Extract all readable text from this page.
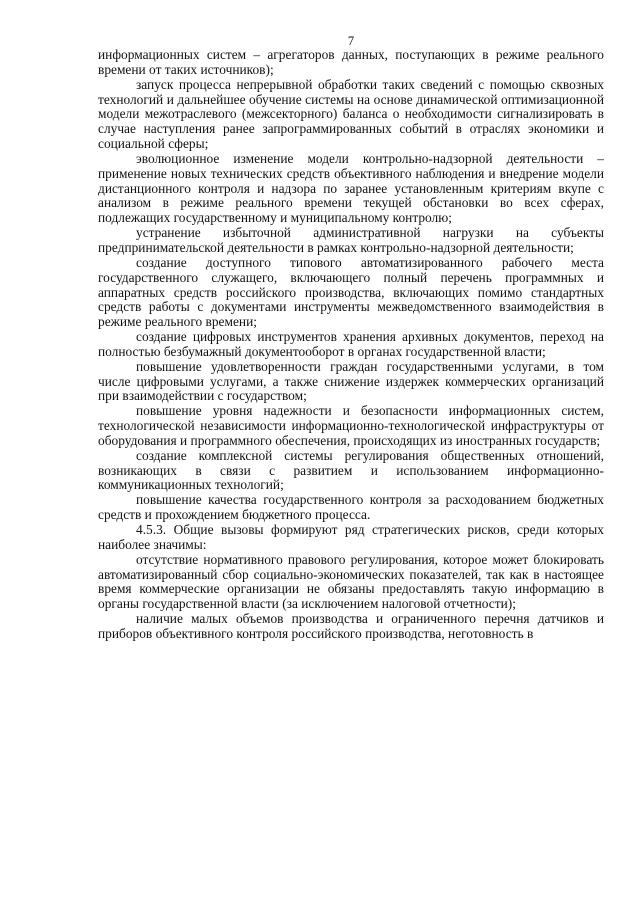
7

информационных систем – агрегаторов данных, поступающих в режиме реального времени от таких источников);

запуск процесса непрерывной обработки таких сведений с помощью сквозных технологий и дальнейшее обучение системы на основе динамической оптимизационной модели межотраслевого (межсекторного) баланса о необходимости сигнализировать в случае наступления ранее запрограммированных событий в отраслях экономики и социальной сферы;

эволюционное изменение модели контрольно-надзорной деятельности – применение новых технических средств объективного наблюдения и внедрение модели дистанционного контроля и надзора по заранее установленным критериям вкупе с анализом в режиме реального времени текущей обстановки во всех сферах, подлежащих государственному и муниципальному контролю;

устранение избыточной административной нагрузки на субъекты предпринимательской деятельности в рамках контрольно-надзорной деятельности;

создание доступного типового автоматизированного рабочего места государственного служащего, включающего полный перечень программных и аппаратных средств российского производства, включающих помимо стандартных средств работы с документами инструменты межведомственного взаимодействия в режиме реального времени;

создание цифровых инструментов хранения архивных документов, переход на полностью безбумажный документооборот в органах государственной власти;

повышение удовлетворенности граждан государственными услугами, в том числе цифровыми услугами, а также снижение издержек коммерческих организаций при взаимодействии с государством;

повышение уровня надежности и безопасности информационных систем, технологической независимости информационно-технологической инфраструктуры от оборудования и программного обеспечения, происходящих из иностранных государств;

создание комплексной системы регулирования общественных отношений, возникающих в связи с развитием и использованием информационно-коммуникационных технологий;

повышение качества государственного контроля за расходованием бюджетных средств и прохождением бюджетного процесса.

4.5.3. Общие вызовы формируют ряд стратегических рисков, среди которых наиболее значимы:

отсутствие нормативного правового регулирования, которое может блокировать автоматизированный сбор социально-экономических показателей, так как в настоящее время коммерческие организации не обязаны предоставлять такую информацию в органы государственной власти (за исключением налоговой отчетности);

наличие малых объемов производства и ограниченного перечня датчиков и приборов объективного контроля российского производства, неготовность в
